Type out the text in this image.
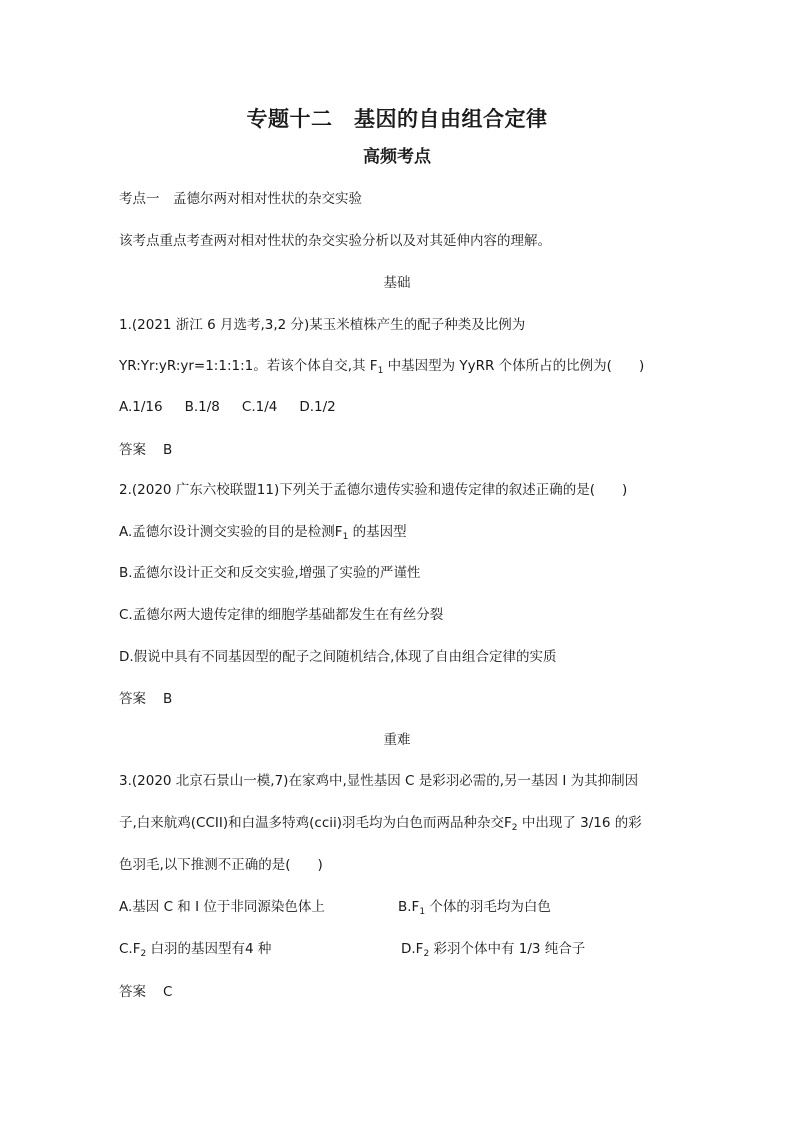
专题十二　基因的自由组合定律
高频考点
考点一　孟德尔两对相对性状的杂交实验
该考点重点考查两对相对性状的杂交实验分析以及对其延伸内容的理解。
基础
1.(2021 浙江 6 月选考,3,2 分)某玉米植株产生的配子种类及比例为
YR:Yr:yR:yr=1:1:1:1。若该个体自交,其 $F_1$ 中基因型为 YyRR 个体所占的比例为(　　)
A.1/16 B.1/8 C.1/4 D.1/2
答案 B
2.(2020 广东六校联盟11)下列关于孟德尔遗传实验和遗传定律的叙述正确的是(　　)
A.孟德尔设计测交实验的目的是检测$F_1$ 的基因型
B.孟德尔设计正交和反交实验,增强了实验的严谨性
C.孟德尔两大遗传定律的细胞学基础都发生在有丝分裂
D.假说中具有不同基因型的配子之间随机结合,体现了自由组合定律的实质
答案 B
重难
3.(2020 北京石景山一模,7)在家鸡中,显性基因 C 是彩羽必需的,另一基因 I 为其抑制因
子,白来航鸡(CCII)和白温多特鸡(ccii)羽毛均为白色而两品种杂交$F_2$ 中出现了 3/16 的彩
色羽毛,以下推测不正确的是(　　)
A.基因 C 和 I 位于非同源染色体上	$B.F_1$ 个体的羽毛均为白色
$C.F_2$ 白羽的基因型有4 种	$D.F_2$ 彩羽个体中有 1/3 纯合子
答案 C
